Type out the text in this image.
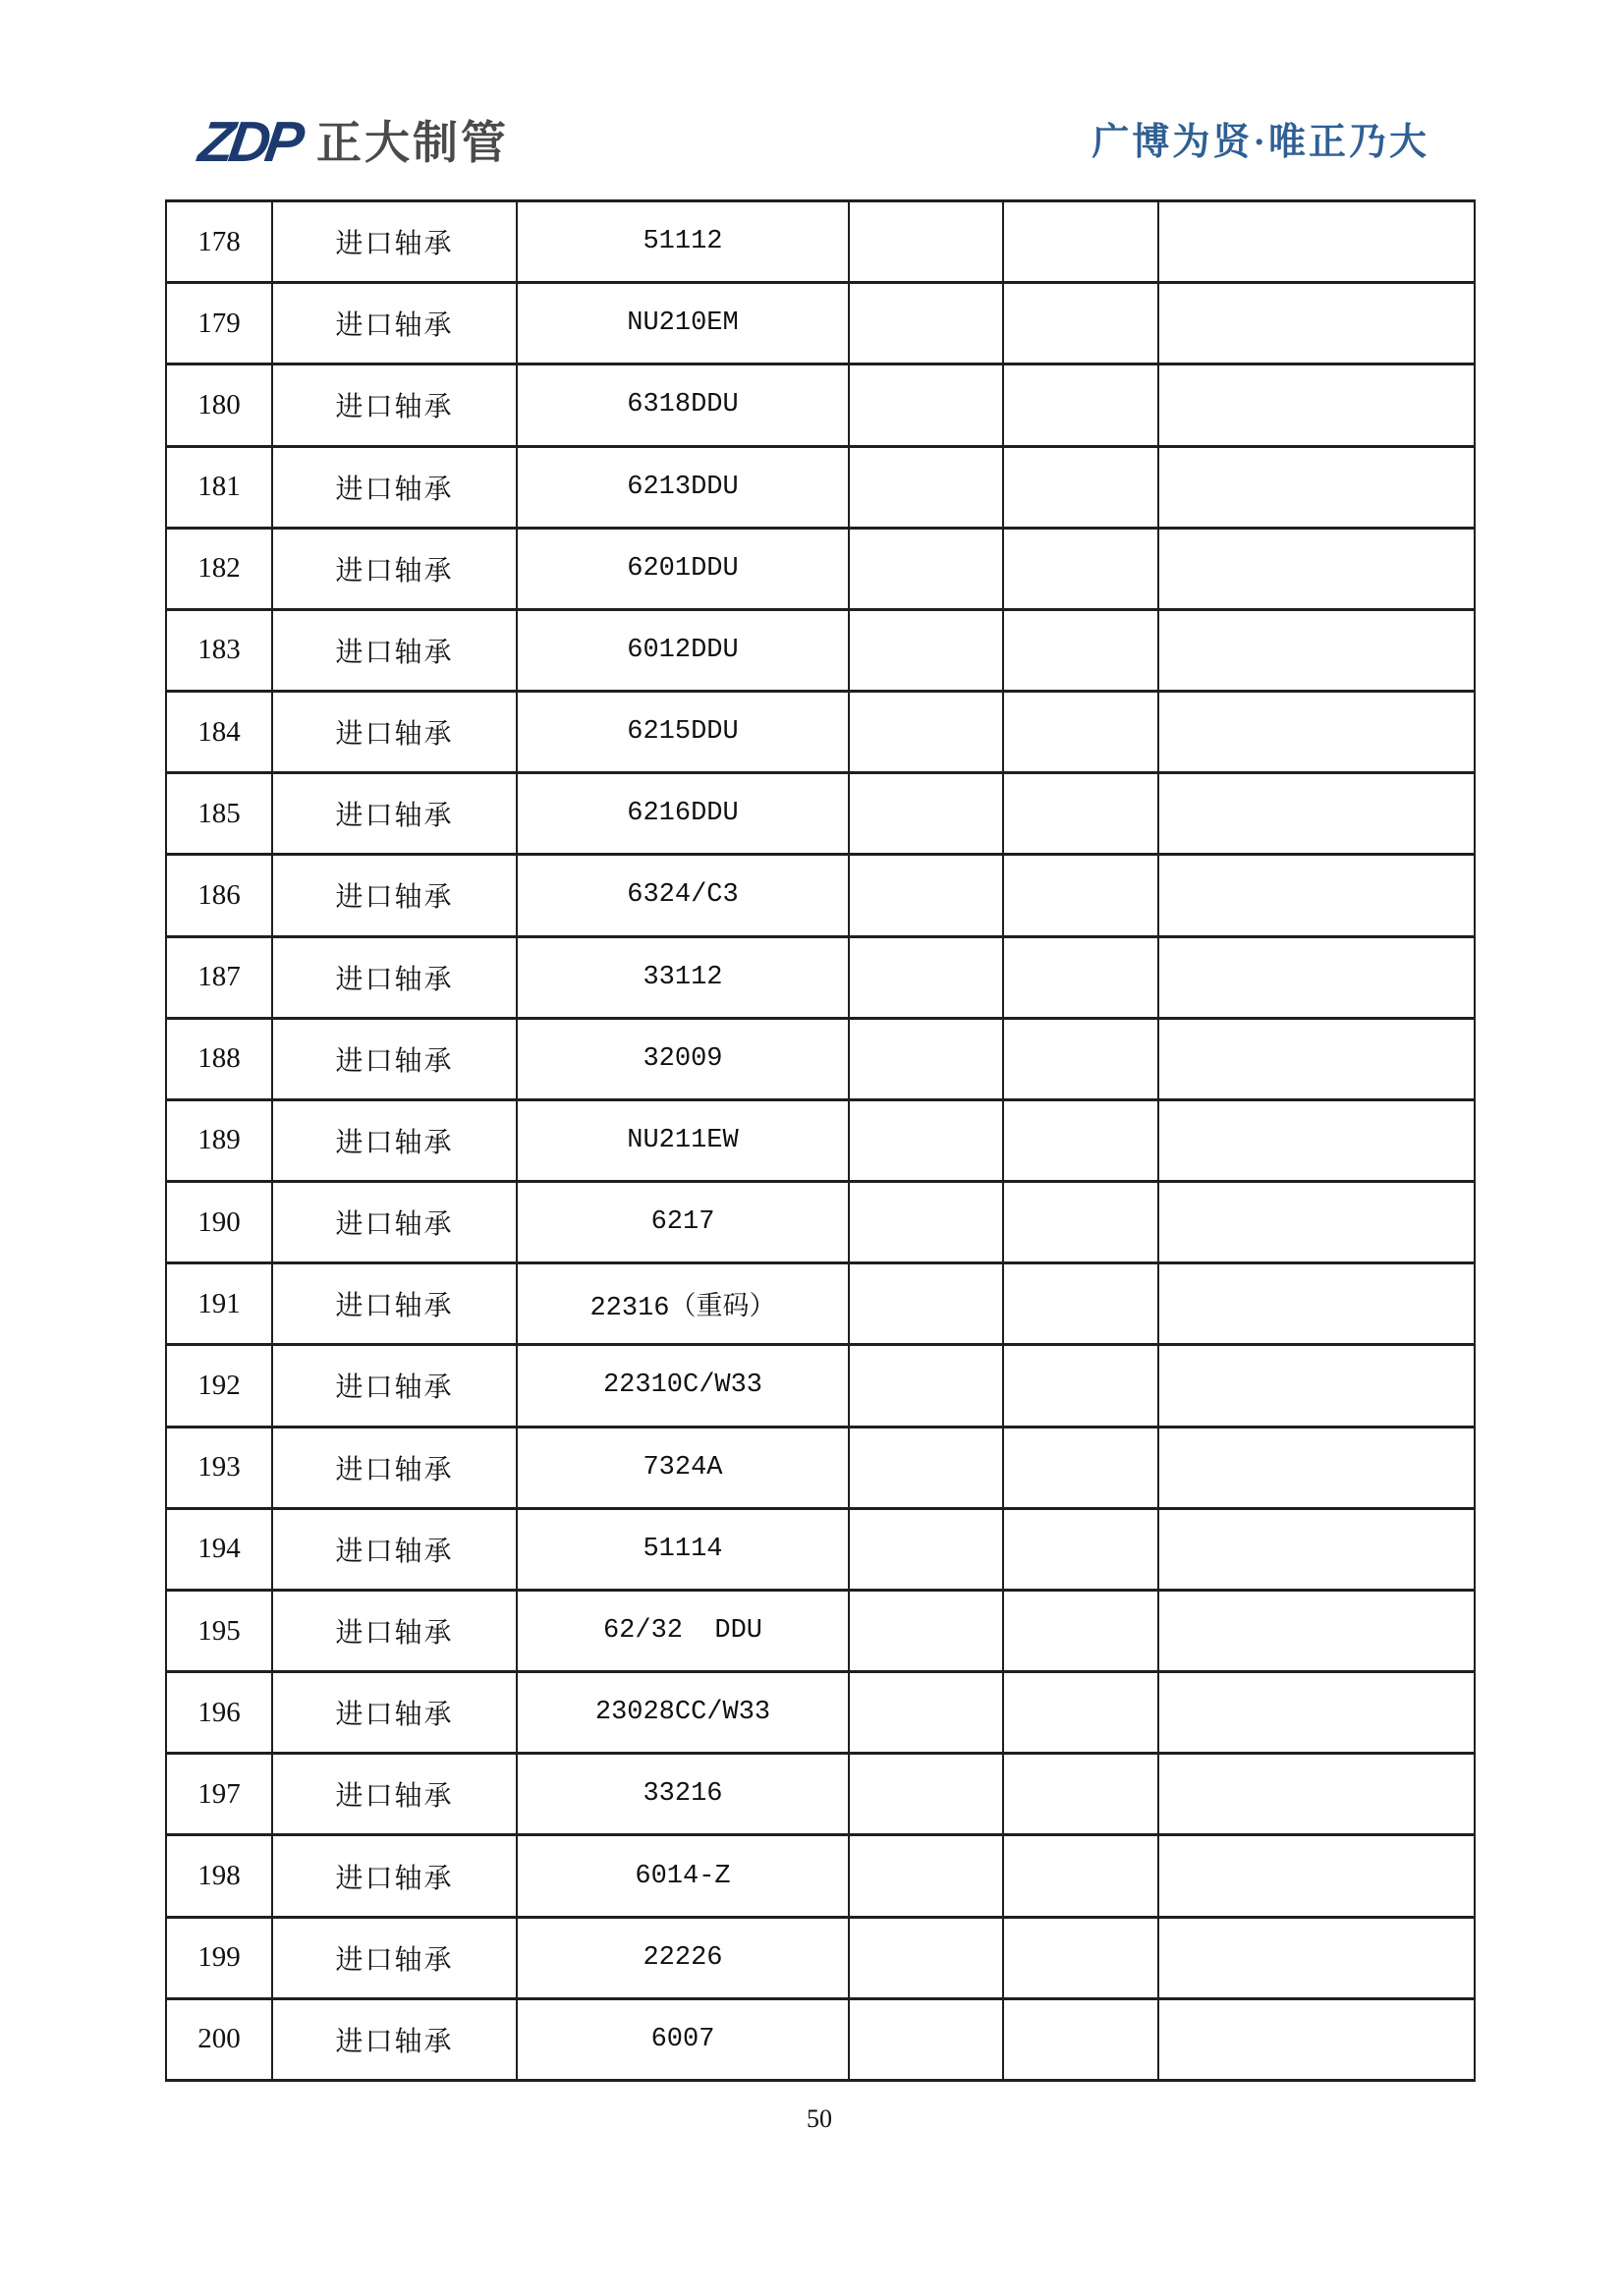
ZDP 正大制管	广博为贤·唯正乃大
178	进口轴承	51112			
179	进口轴承	NU210EM			
180	进口轴承	6318DDU			
181	进口轴承	6213DDU			
182	进口轴承	6201DDU			
183	进口轴承	6012DDU			
184	进口轴承	6215DDU			
185	进口轴承	6216DDU			
186	进口轴承	6324/C3			
187	进口轴承	33112			
188	进口轴承	32009			
189	进口轴承	NU211EW			
190	进口轴承	6217			
191	进口轴承	22316（重码）			
192	进口轴承	22310C/W33			
193	进口轴承	7324A			
194	进口轴承	51114			
195	进口轴承	62/32  DDU			
196	进口轴承	23028CC/W33			
197	进口轴承	33216			
198	进口轴承	6014-Z			
199	进口轴承	22226			
200	进口轴承	6007			
50
